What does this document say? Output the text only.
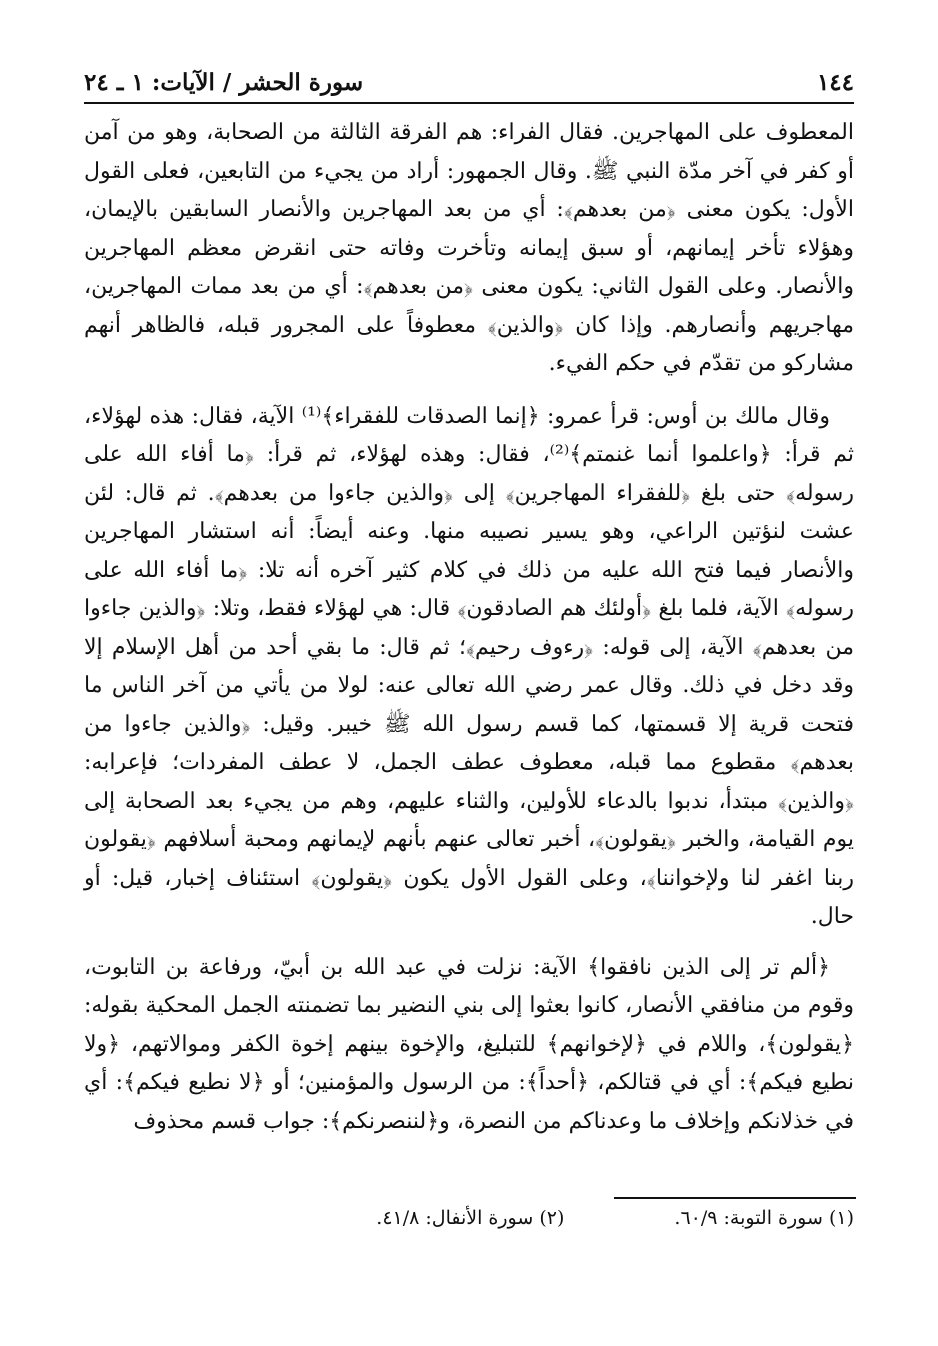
١٤٤
سورة الحشر / الآيات: ١ ـ ٢٤

المعطوف على المهاجرين. فقال الفراء: هم الفرقة الثالثة من الصحابة، وهو من آمن أو كفر في آخر مدّة النبي ﷺ. وقال الجمهور: أراد من يجيء من التابعين، فعلى القول الأول: يكون معنى ﴿من بعدهم﴾: أي من بعد المهاجرين والأنصار السابقين بالإيمان، وهؤلاء تأخر إيمانهم، أو سبق إيمانه وتأخرت وفاته حتى انقرض معظم المهاجرين والأنصار. وعلى القول الثاني: يكون معنى ﴿من بعدهم﴾: أي من بعد ممات المهاجرين، مهاجريهم وأنصارهم. وإذا كان ﴿والذين﴾ معطوفاً على المجرور قبله، فالظاهر أنهم مشاركو من تقدّم في حكم الفيء.

وقال مالك بن أوس: قرأ عمرو: ﴿إنما الصدقات للفقراء﴾⁽¹⁾ الآية، فقال: هذه لهؤلاء، ثم قرأ: ﴿واعلموا أنما غنمتم﴾⁽²⁾، فقال: وهذه لهؤلاء، ثم قرأ: ﴿ما أفاء الله على رسوله﴾ حتى بلغ ﴿للفقراء المهاجرين﴾ إلى ﴿والذين جاءوا من بعدهم﴾. ثم قال: لئن عشت لنؤتين الراعي، وهو يسير نصيبه منها. وعنه أيضاً: أنه استشار المهاجرين والأنصار فيما فتح الله عليه من ذلك في كلام كثير آخره أنه تلا: ﴿ما أفاء الله على رسوله﴾ الآية، فلما بلغ ﴿أولئك هم الصادقون﴾ قال: هي لهؤلاء فقط، وتلا: ﴿والذين جاءوا من بعدهم﴾ الآية، إلى قوله: ﴿رءوف رحيم﴾؛ ثم قال: ما بقي أحد من أهل الإسلام إلا وقد دخل في ذلك. وقال عمر رضي الله تعالى عنه: لولا من يأتي من آخر الناس ما فتحت قرية إلا قسمتها، كما قسم رسول الله ﷺ خيبر. وقيل: ﴿والذين جاءوا من بعدهم﴾ مقطوع مما قبله، معطوف عطف الجمل، لا عطف المفردات؛ فإعرابه: ﴿والذين﴾ مبتدأ، ندبوا بالدعاء للأولين، والثناء عليهم، وهم من يجيء بعد الصحابة إلى يوم القيامة، والخبر ﴿يقولون﴾، أخبر تعالى عنهم بأنهم لإيمانهم ومحبة أسلافهم ﴿يقولون ربنا اغفر لنا ولإخواننا﴾، وعلى القول الأول يكون ﴿يقولون﴾ استئناف إخبار، قيل: أو حال.

﴿ألم تر إلى الذين نافقوا﴾ الآية: نزلت في عبد الله بن أبيّ، ورفاعة بن التابوت، وقوم من منافقي الأنصار، كانوا بعثوا إلى بني النضير بما تضمنته الجمل المحكية بقوله: ﴿يقولون﴾، واللام في ﴿لإخوانهم﴾ للتبليغ، والإخوة بينهم إخوة الكفر وموالاتهم، ﴿ولا نطيع فيكم﴾: أي في قتالكم، ﴿أحداً﴾: من الرسول والمؤمنين؛ أو ﴿لا نطيع فيكم﴾: أي في خذلانكم وإخلاف ما وعدناكم من النصرة، و﴿لننصرنكم﴾: جواب قسم محذوف

(١) سورة التوبة: ٦٠/٩.
(٢) سورة الأنفال: ٤١/٨.
